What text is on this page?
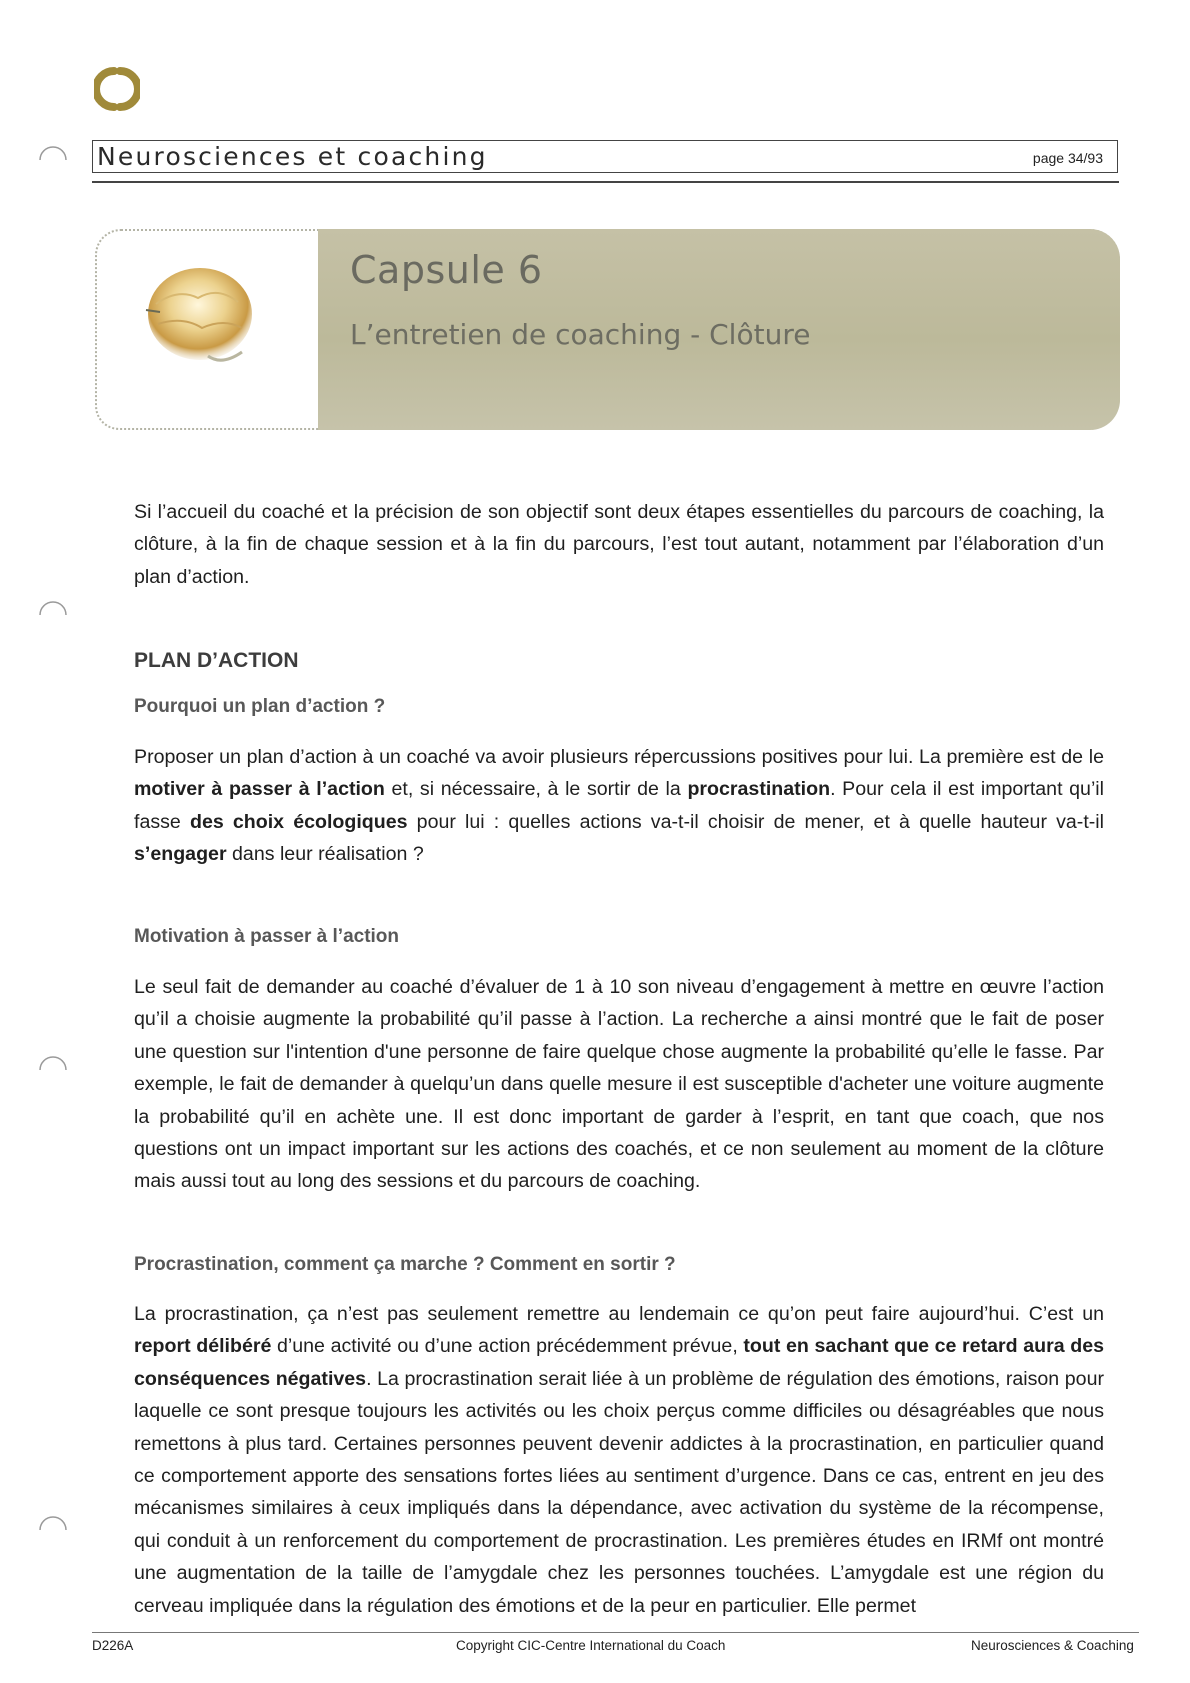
Neurosciences et coaching	page 34/93
Capsule 6
L’entretien de coaching - Clôture

Si l’accueil du coaché et la précision de son objectif sont deux étapes essentielles du parcours de coaching, la clôture, à la fin de chaque session et à la fin du parcours, l’est tout autant, notamment par l’élaboration d’un plan d’action.

PLAN D’ACTION
Pourquoi un plan d’action ?

Proposer un plan d’action à un coaché va avoir plusieurs répercussions positives pour lui. La première est de le motiver à passer à l’action et, si nécessaire, à le sortir de la procrastination. Pour cela il est important qu’il fasse des choix écologiques pour lui : quelles actions va-t-il choisir de mener, et à quelle hauteur va-t-il s’engager dans leur réalisation ?

Motivation à passer à l’action

Le seul fait de demander au coaché d’évaluer de 1 à 10 son niveau d’engagement à mettre en œuvre l’action qu’il a choisie augmente la probabilité qu’il passe à l’action. La recherche a ainsi montré que le fait de poser une question sur l'intention d'une personne de faire quelque chose augmente la probabilité qu’elle le fasse. Par exemple, le fait de demander à quelqu’un dans quelle mesure il est susceptible d'acheter une voiture augmente la probabilité qu’il en achète une. Il est donc important de garder à l’esprit, en tant que coach, que nos questions ont un impact important sur les actions des coachés, et ce non seulement au moment de la clôture mais aussi tout au long des sessions et du parcours de coaching.

Procrastination, comment ça marche ? Comment en sortir ?

La procrastination, ça n’est pas seulement remettre au lendemain ce qu’on peut faire aujourd’hui. C’est un report délibéré d’une activité ou d’une action précédemment prévue, tout en sachant que ce retard aura des conséquences négatives. La procrastination serait liée à un problème de régulation des émotions, raison pour laquelle ce sont presque toujours les activités ou les choix perçus comme difficiles ou désagréables que nous remettons à plus tard. Certaines personnes peuvent devenir addictes à la procrastination, en particulier quand ce comportement apporte des sensations fortes liées au sentiment d’urgence. Dans ce cas, entrent en jeu des mécanismes similaires à ceux impliqués dans la dépendance, avec activation du système de la récompense, qui conduit à un renforcement du comportement de procrastination. Les premières études en IRMf ont montré une augmentation de la taille de l’amygdale chez les personnes touchées. L’amygdale est une région du cerveau impliquée dans la régulation des émotions et de la peur en particulier. Elle permet

D226A	Copyright CIC-Centre International du Coach	Neurosciences & Coaching
